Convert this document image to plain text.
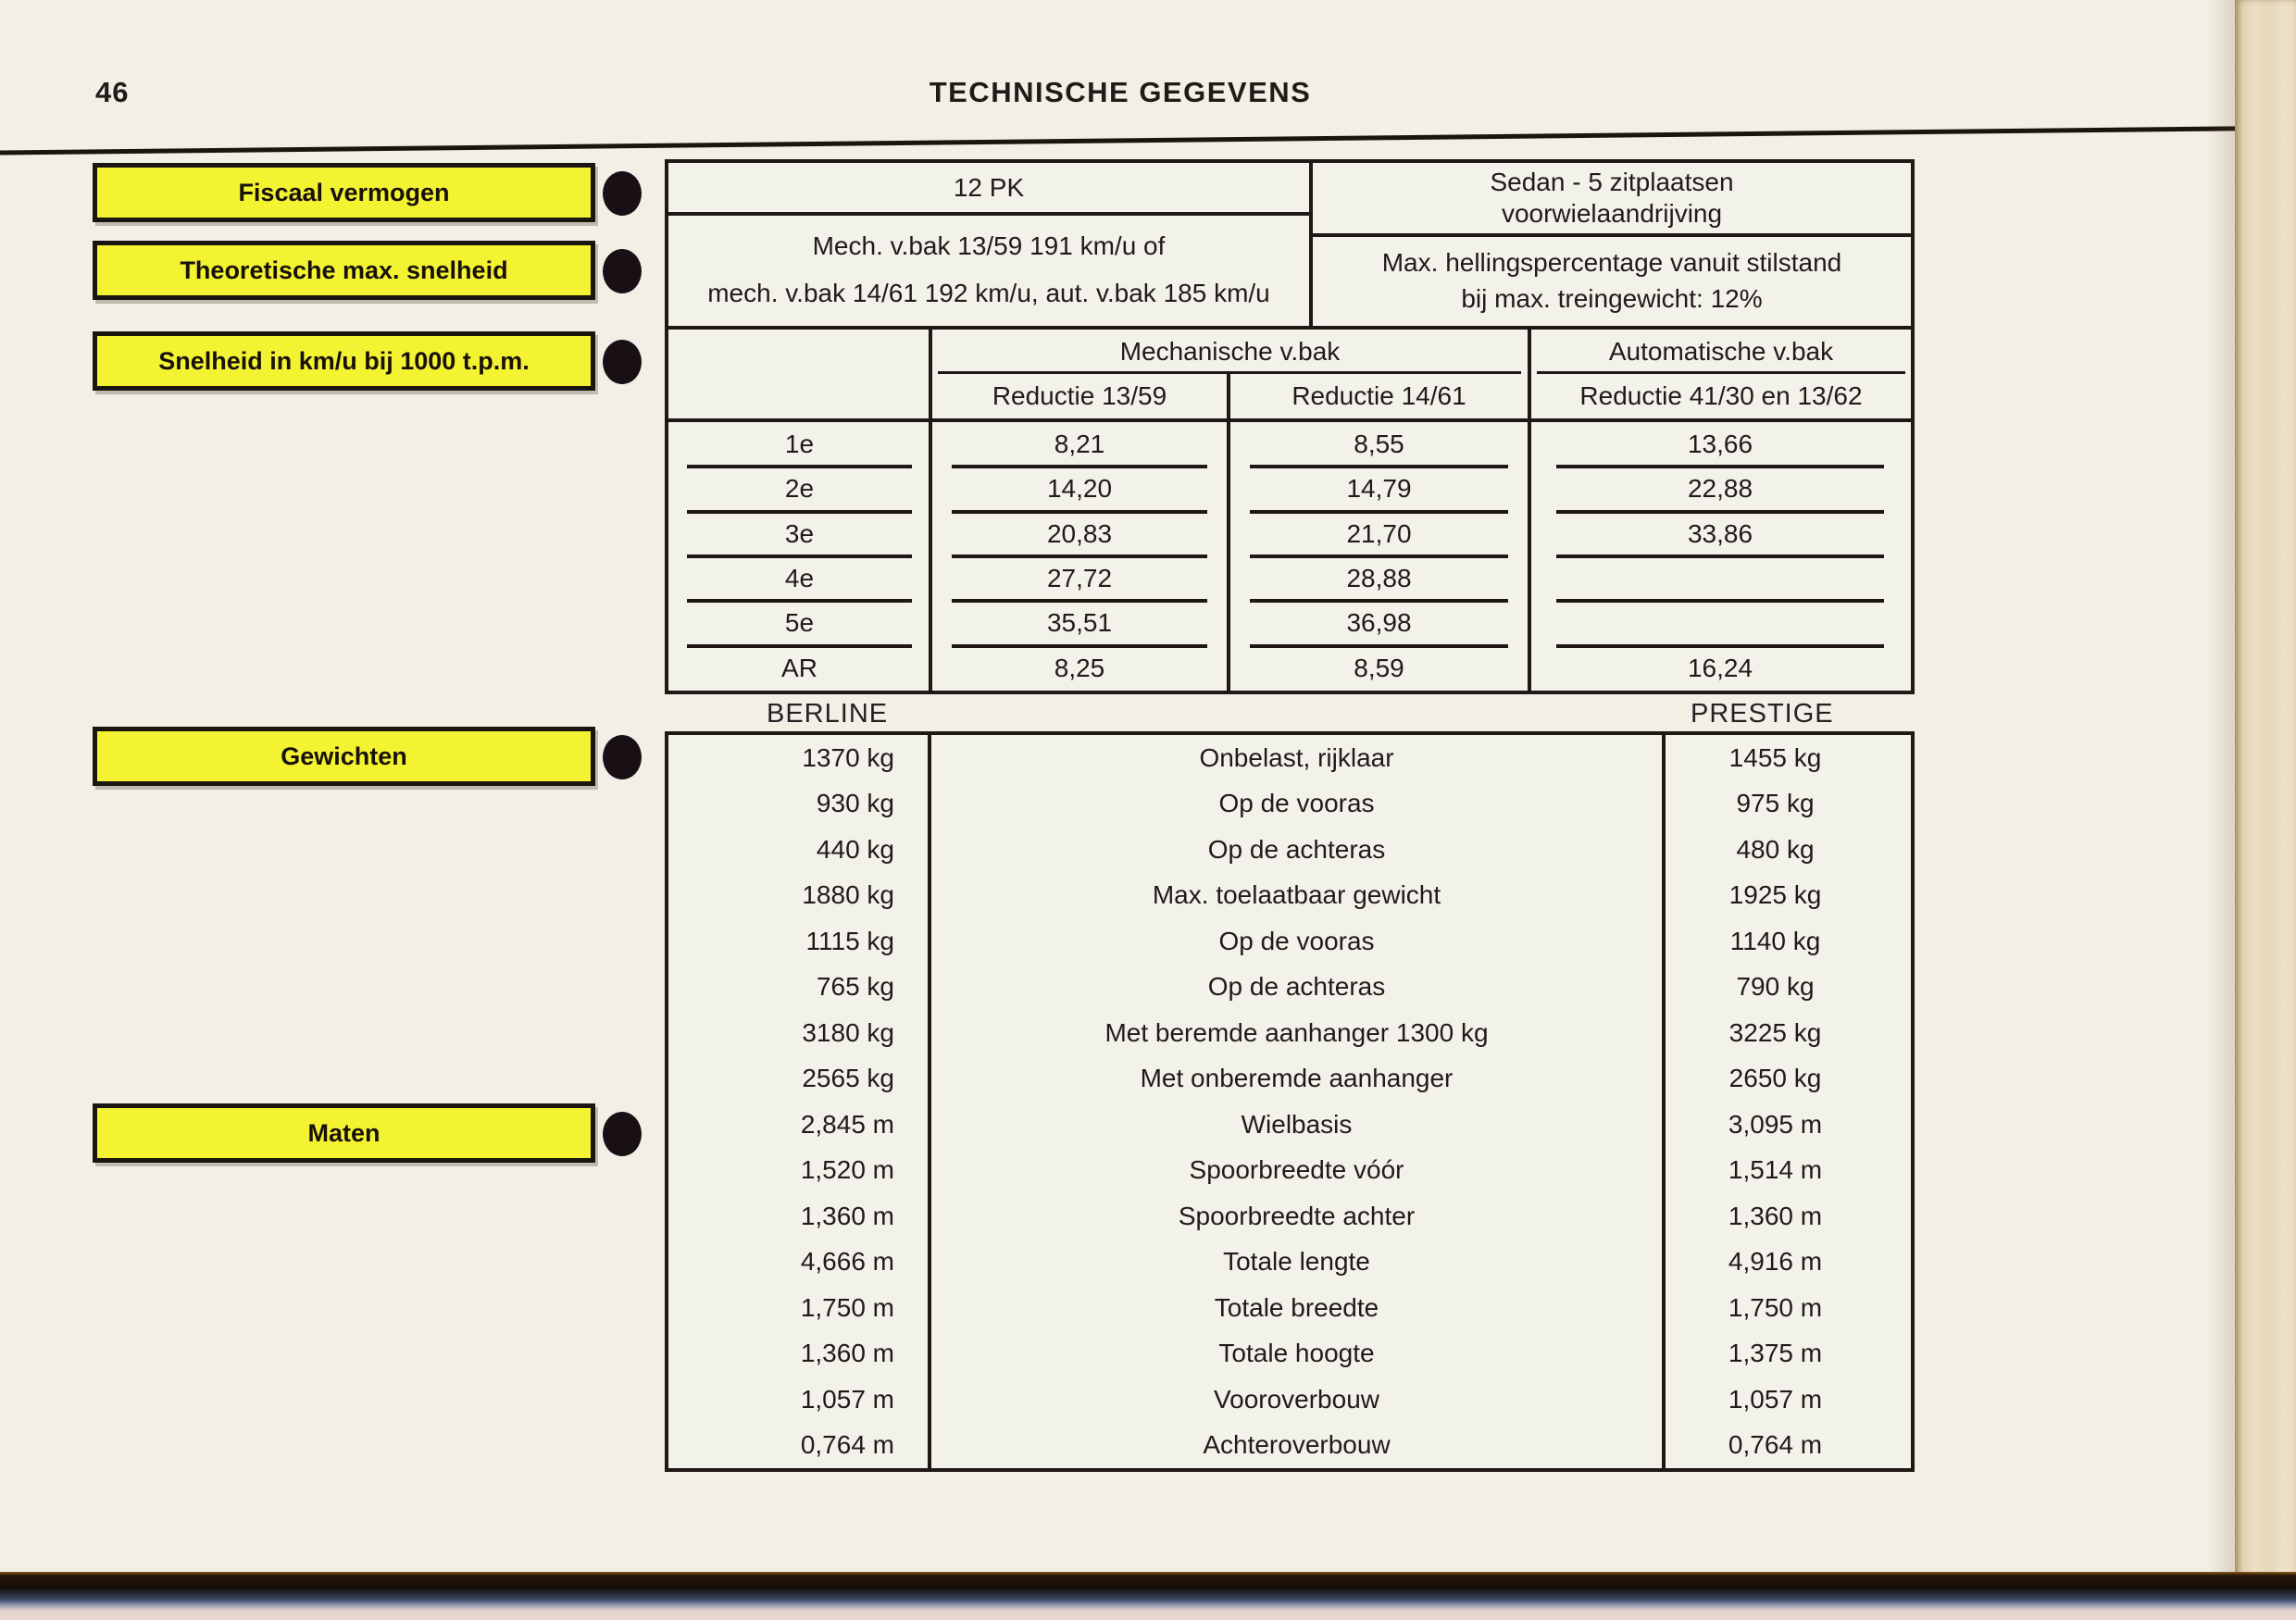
46	TECHNISCHE GEGEVENS
Fiscaal vermogen
Theoretische max. snelheid
Snelheid in km/u bij 1000 t.p.m.
Gewichten
Maten
12 PK
Mech. v.bak 13/59 191 km/u of
mech. v.bak 14/61 192 km/u, aut. v.bak 185 km/u
Sedan - 5 zitplaatsen
voorwielaandrijving
Max. hellingspercentage vanuit stilstand
bij max. treingewicht: 12%
Mechanische v.bak	Automatische v.bak
Reductie 13/59	Reductie 14/61	Reductie 41/30 en 13/62
1e	8,21	8,55	13,66
2e	14,20	14,79	22,88
3e	20,83	21,70	33,86
4e	27,72	28,88
5e	35,51	36,98
AR	8,25	8,59	16,24
BERLINE	PRESTIGE
1370 kg	Onbelast, rijklaar	1455 kg
930 kg	Op de vooras	975 kg
440 kg	Op de achteras	480 kg
1880 kg	Max. toelaatbaar gewicht	1925 kg
1115 kg	Op de vooras	1140 kg
765 kg	Op de achteras	790 kg
3180 kg	Met beremde aanhanger 1300 kg	3225 kg
2565 kg	Met onberemde aanhanger	2650 kg
2,845 m	Wielbasis	3,095 m
1,520 m	Spoorbreedte vóór	1,514 m
1,360 m	Spoorbreedte achter	1,360 m
4,666 m	Totale lengte	4,916 m
1,750 m	Totale breedte	1,750 m
1,360 m	Totale hoogte	1,375 m
1,057 m	Vooroverbouw	1,057 m
0,764 m	Achteroverbouw	0,764 m
